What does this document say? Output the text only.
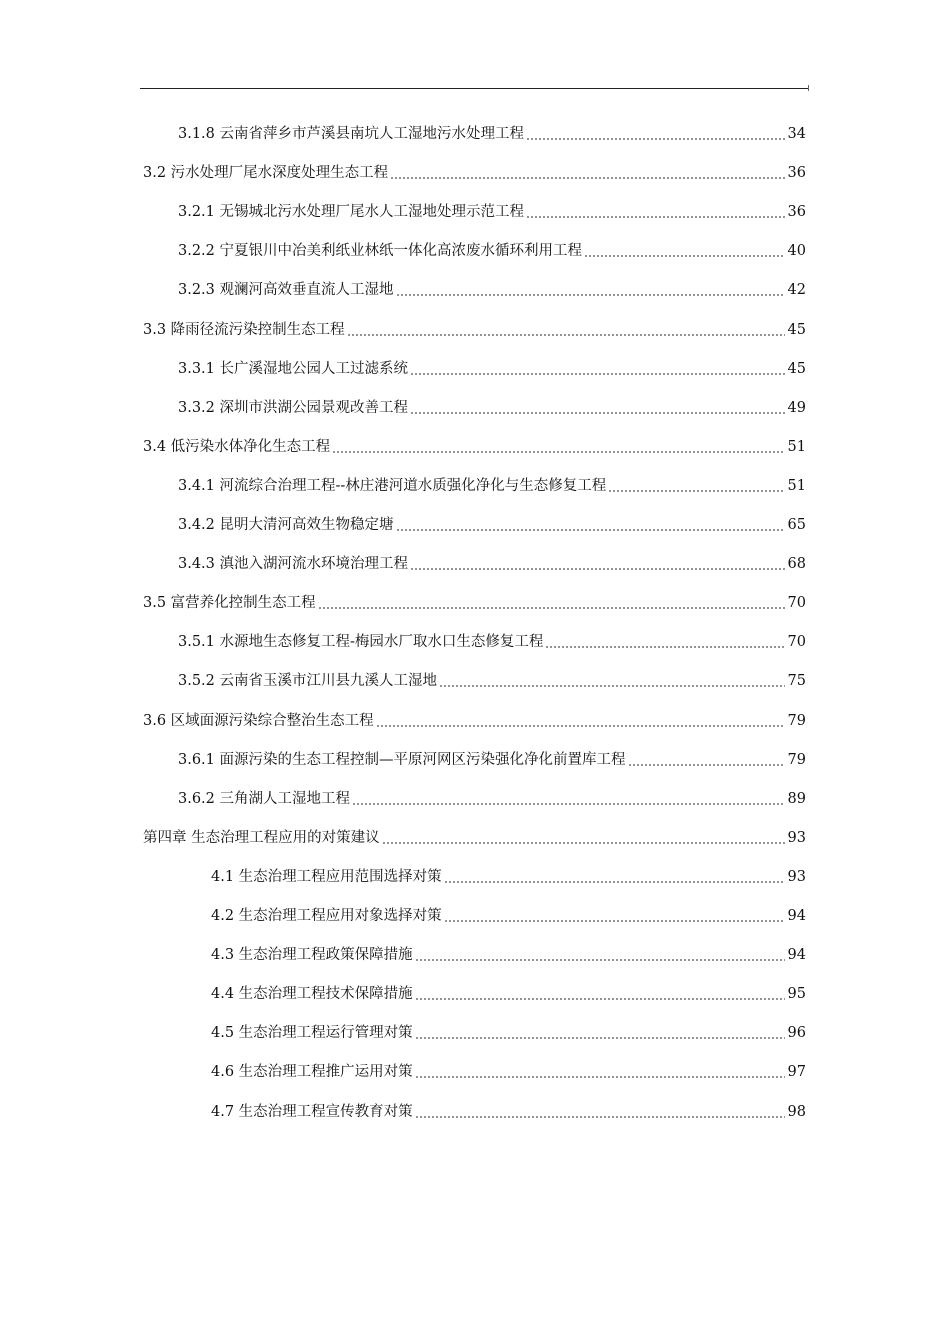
3.1.8 云南省萍乡市芦溪县南坑人工湿地污水处理工程	34
3.2 污水处理厂尾水深度处理生态工程	36
3.2.1 无锡城北污水处理厂尾水人工湿地处理示范工程	36
3.2.2 宁夏银川中冶美利纸业林纸一体化高浓废水循环利用工程	40
3.2.3 观澜河高效垂直流人工湿地	42
3.3 降雨径流污染控制生态工程	45
3.3.1 长广溪湿地公园人工过滤系统	45
3.3.2 深圳市洪湖公园景观改善工程	49
3.4 低污染水体净化生态工程	51
3.4.1 河流综合治理工程--林庄港河道水质强化净化与生态修复工程	51
3.4.2 昆明大清河高效生物稳定塘	65
3.4.3 滇池入湖河流水环境治理工程	68
3.5 富营养化控制生态工程	70
3.5.1 水源地生态修复工程-梅园水厂取水口生态修复工程	70
3.5.2 云南省玉溪市江川县九溪人工湿地	75
3.6 区域面源污染综合整治生态工程	79
3.6.1 面源污染的生态工程控制—平原河网区污染强化净化前置库工程	79
3.6.2 三角湖人工湿地工程	89
第四章 生态治理工程应用的对策建议	93
4.1 生态治理工程应用范围选择对策	93
4.2 生态治理工程应用对象选择对策	94
4.3 生态治理工程政策保障措施	94
4.4 生态治理工程技术保障措施	95
4.5 生态治理工程运行管理对策	96
4.6 生态治理工程推广运用对策	97
4.7 生态治理工程宣传教育对策	98
